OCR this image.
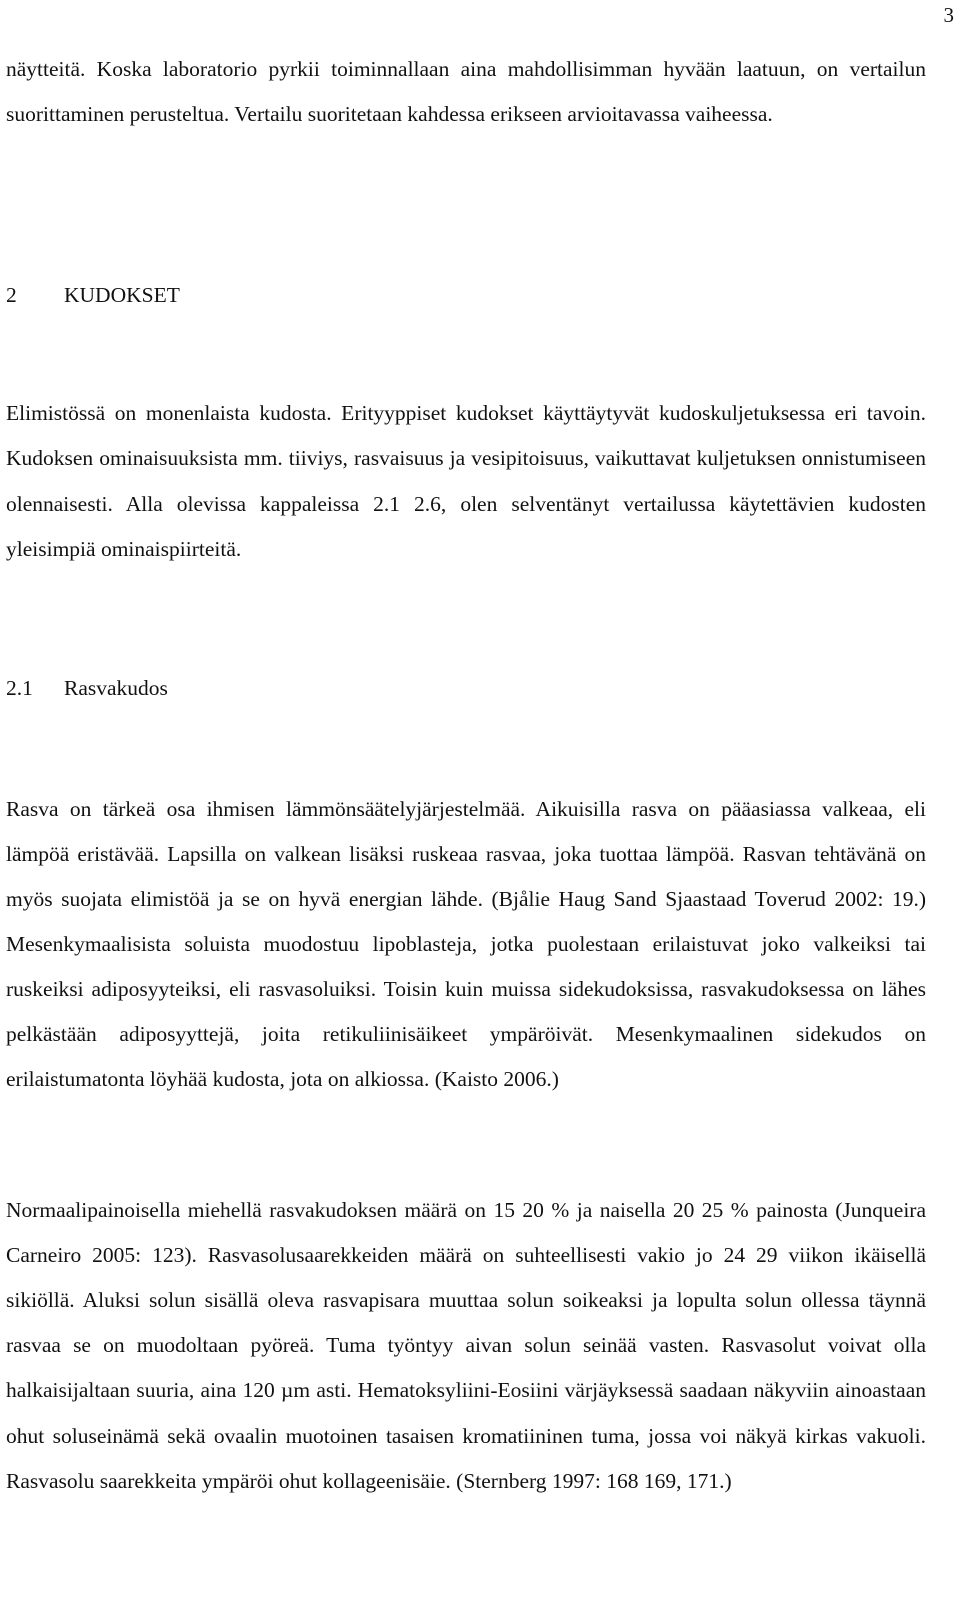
3

näytteitä. Koska laboratorio pyrkii toiminnallaan aina mahdollisimman hyvään laatuun, on vertailun suorittaminen perusteltua. Vertailu suoritetaan kahdessa erikseen arvioitavassa vaiheessa.

2 KUDOKSET

Elimistössä on monenlaista kudosta. Erityyppiset kudokset käyttäytyvät kudoskuljetuksessa eri tavoin. Kudoksen ominaisuuksista mm. tiiviys, rasvaisuus ja vesipitoisuus, vaikuttavat kuljetuksen onnistumiseen olennaisesti. Alla olevissa kappaleissa 2.1 2.6, olen selventänyt vertailussa käytettävien kudosten yleisimpiä ominaispiirteitä.

2.1 Rasvakudos

Rasva on tärkeä osa ihmisen lämmönsäätelyjärjestelmää. Aikuisilla rasva on pääasiassa valkeaa, eli lämpöä eristävää. Lapsilla on valkean lisäksi ruskeaa rasvaa, joka tuottaa lämpöä. Rasvan tehtävänä on myös suojata elimistöä ja se on hyvä energian lähde. (Bjålie Haug Sand Sjaastaad Toverud 2002: 19.) Mesenkymaalisista soluista muodostuu lipoblasteja, jotka puolestaan erilaistuvat joko valkeiksi tai ruskeiksi adiposyyteiksi, eli rasvasoluiksi. Toisin kuin muissa sidekudoksissa, rasvakudoksessa on lähes pelkästään adiposyyttejä, joita retikuliinisäikeet ympäröivät. Mesenkymaalinen sidekudos on erilaistumatonta löyhää kudosta, jota on alkiossa. (Kaisto 2006.)

Normaalipainoisella miehellä rasvakudoksen määrä on 15 20 % ja naisella 20 25 % painosta (Junqueira Carneiro 2005: 123). Rasvasolusaarekkeiden määrä on suhteellisesti vakio jo 24 29 viikon ikäisellä sikiöllä. Aluksi solun sisällä oleva rasvapisara muuttaa solun soikeaksi ja lopulta solun ollessa täynnä rasvaa se on muodoltaan pyöreä. Tuma työntyy aivan solun seinää vasten. Rasvasolut voivat olla halkaisijaltaan suuria, aina 120 µm asti. Hematoksyliini-Eosiini värjäyksessä saadaan näkyviin ainoastaan ohut soluseinämä sekä ovaalin muotoinen tasaisen kromatiininen tuma, jossa voi näkyä kirkas vakuoli. Rasvasolu saarekkeita ympäröi ohut kollageenisäie. (Sternberg 1997: 168 169, 171.)
